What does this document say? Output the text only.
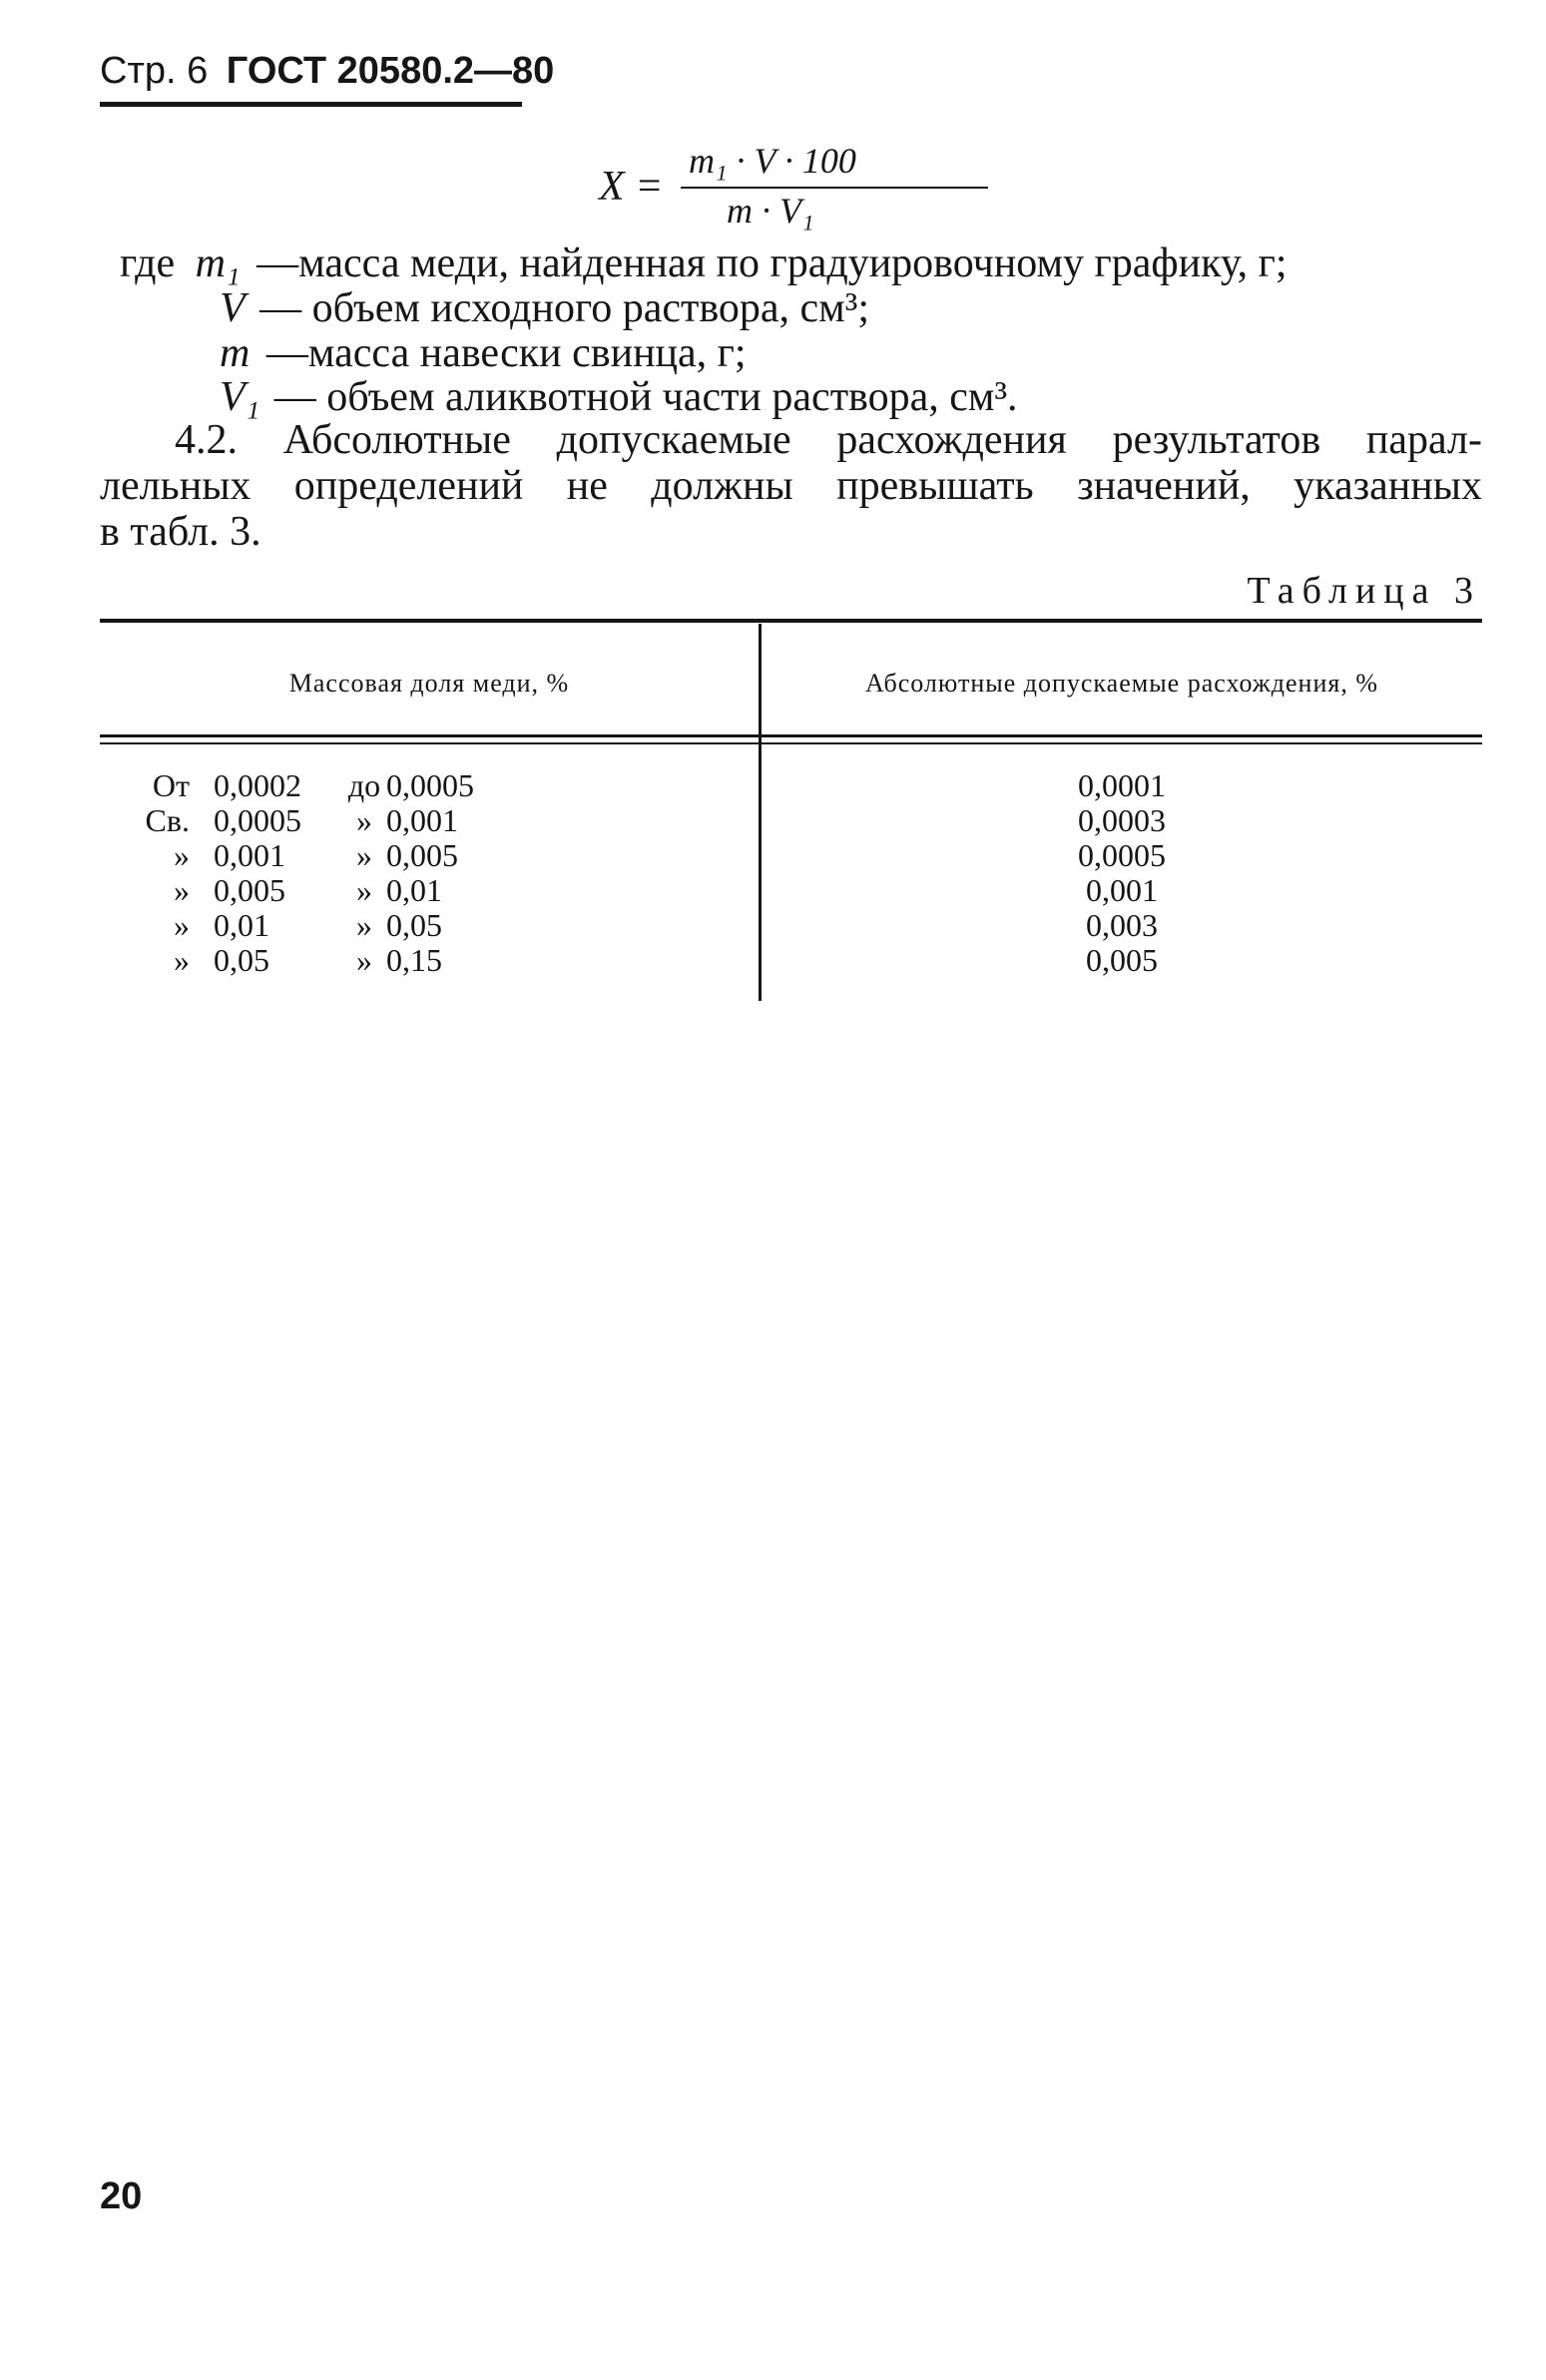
Стр. 6 ГОСТ 20580.2—80
X =
m₁ · V · 100
m · V₁
где m₁ —масса меди, найденная по градуировочному графику, г;
V — объем исходного раствора, см³;
m —масса навески свинца, г;
V₁ — объем аликвотной части раствора, см³.
4.2. Абсолютные допускаемые расхождения результатов парал-
лельных определений не должны превышать значений, указанных
в табл. 3.
Таблица 3
Массовая доля меди, %	Абсолютные допускаемые расхождения, %
От 0,0002	до 0,0005	0,0001
Св. 0,0005	» 0,001	0,0003
» 0,001	» 0,005	0,0005
» 0,005	» 0,01	0,001
» 0,01	» 0,05	0,003
» 0,05	» 0,15	0,005
20
